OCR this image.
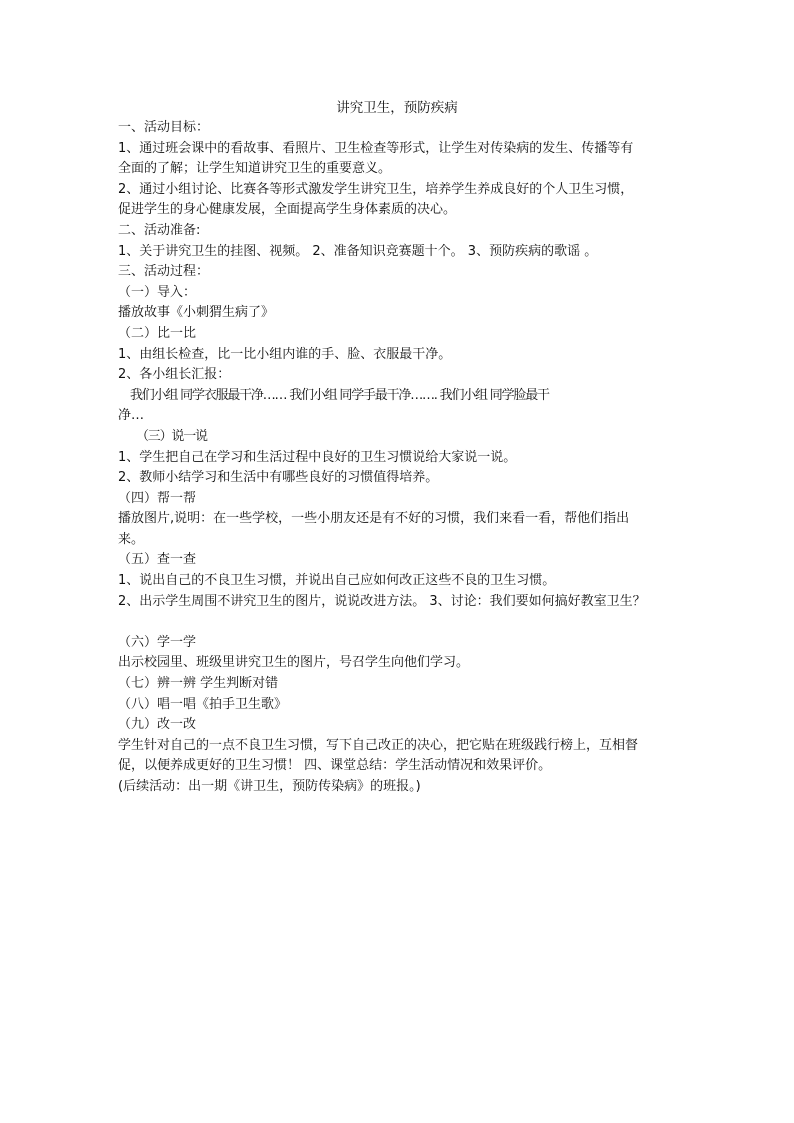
讲究卫生，预防疾病

一、活动目标：

1、通过班会课中的看故事、看照片、卫生检查等形式，让学生对传染病的发生、传播等有

全面的了解；让学生知道讲究卫生的重要意义。

2、通过小组讨论、比赛各等形式激发学生讲究卫生，培养学生养成良好的个人卫生习惯，

促进学生的身心健康发展，全面提高学生身体素质的决心。

二、活动准备:

1、关于讲究卫生的挂图、视频。 2、准备知识竞赛题十个。 3、预防疾病的歌谣 。

三、活动过程：

（一）导入：

播放故事《小刺猬生病了》

（二）比一比

1、由组长检查，比一比小组内谁的手、脸、衣服最干净。

2、各小组长汇报：

我们小组 同学衣服最干净…… 我们小组 同学手最干净……. 我们小组 同学脸最干

净…

（三）说一说

1、学生把自己在学习和生活过程中良好的卫生习惯说给大家说一说。

2、教师小结学习和生活中有哪些良好的习惯值得培养。

（四）帮一帮

播放图片,说明：在一些学校，一些小朋友还是有不好的习惯，我们来看一看，帮他们指出

来。

（五）查一查

1、说出自己的不良卫生习惯，并说出自己应如何改正这些不良的卫生习惯。

2、出示学生周围不讲究卫生的图片，说说改进方法。 3、讨论：我们要如何搞好教室卫生？

（六）学一学

出示校园里、班级里讲究卫生的图片，号召学生向他们学习。

（七）辨一辨 学生判断对错

（八）唱一唱《拍手卫生歌》

（九）改一改

学生针对自己的一点不良卫生习惯，写下自己改正的决心，把它贴在班级践行榜上，互相督

促，以便养成更好的卫生习惯！ 四、课堂总结：学生活动情况和效果评价。

(后续活动：出一期《讲卫生，预防传染病》的班报。)
